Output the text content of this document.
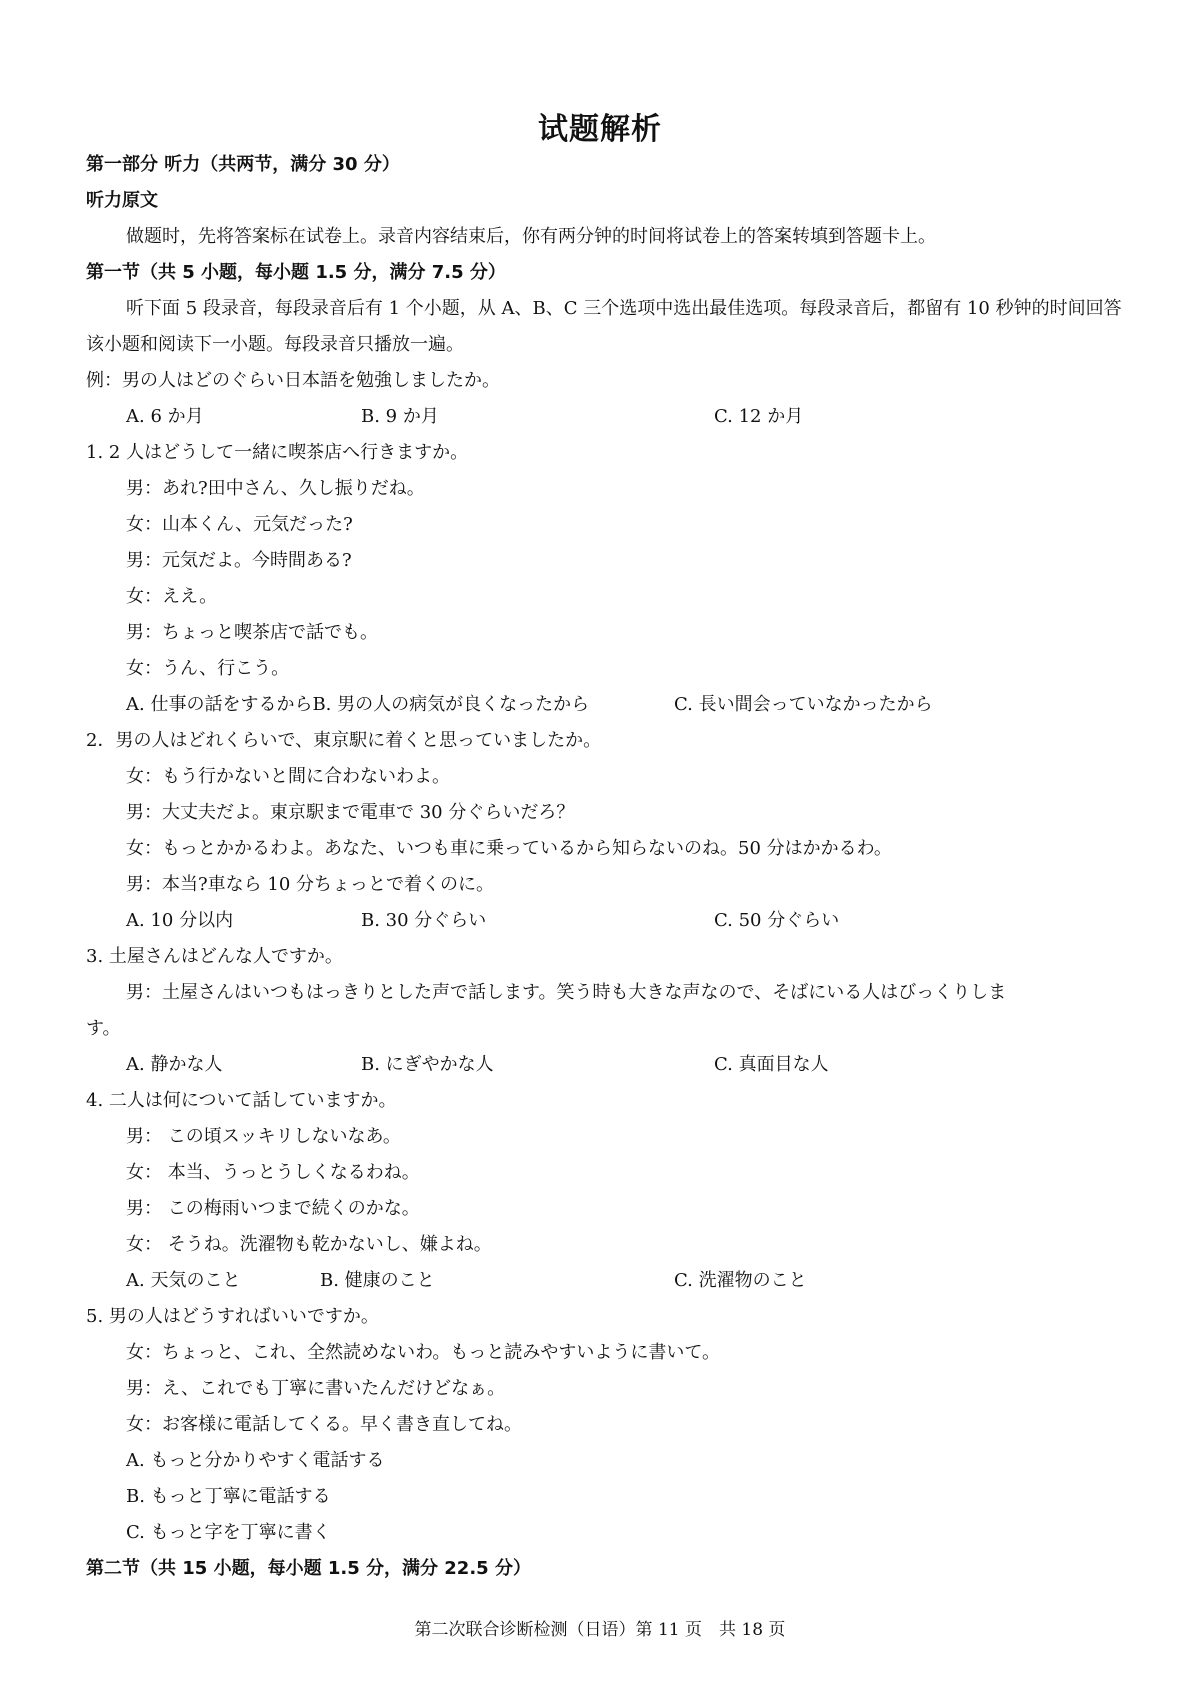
试题解析
第一部分 听力（共两节，满分 30 分）
听力原文
做题时，先将答案标在试卷上。录音内容结束后，你有两分钟的时间将试卷上的答案转填到答题卡上。
第一节（共 5 小题，每小题 1.5 分，满分 7.5 分）
听下面 5 段录音，每段录音后有 1 个小题，从 A、B、C 三个选项中选出最佳选项。每段录音后，都留有 10 秒钟的时间回答该小题和阅读下一小题。每段录音只播放一遍。
例：男の人はどのぐらい日本語を勉強しましたか。
A. 6 か月	B. 9 か月	C. 12 か月
1. 2 人はどうして一緒に喫茶店へ行きますか。
男：あれ?田中さん、久し振りだね。
女：山本くん、元気だった?
男：元気だよ。今時間ある?
女：ええ。
男：ちょっと喫茶店で話でも。
女：うん、行こう。
A. 仕事の話をするからB. 男の人の病気が良くなったから	C. 長い間会っていなかったから
2．男の人はどれくらいで、東京駅に着くと思っていましたか。
女：もう行かないと間に合わないわよ。
男：大丈夫だよ。東京駅まで電車で 30 分ぐらいだろ？
女：もっとかかるわよ。あなた、いつも車に乗っているから知らないのね。50 分はかかるわ。
男：本当?車なら 10 分ちょっとで着くのに。
A. 10 分以内	B. 30 分ぐらい	C. 50 分ぐらい
3. 土屋さんはどんな人ですか。
男：土屋さんはいつもはっきりとした声で話します。笑う時も大きな声なので、そばにいる人はびっくりしま
す。
A. 静かな人	B. にぎやかな人	C. 真面目な人
4. 二人は何について話していますか。
男： この頃スッキリしないなあ。
女： 本当、うっとうしくなるわね。
男： この梅雨いつまで続くのかな。
女： そうね。洗濯物も乾かないし、嫌よね。
A. 天気のこと	B. 健康のこと	C. 洗濯物のこと
5. 男の人はどうすればいいですか。
女：ちょっと、これ、全然読めないわ。もっと読みやすいように書いて。
男：え、これでも丁寧に書いたんだけどなぁ。
女：お客様に電話してくる。早く書き直してね。
A. もっと分かりやすく電話する
B. もっと丁寧に電話する
C. もっと字を丁寧に書く
第二节（共 15 小题，每小题 1.5 分，满分 22.5 分）
第二次联合诊断检测（日语）第 11 页　共 18 页
